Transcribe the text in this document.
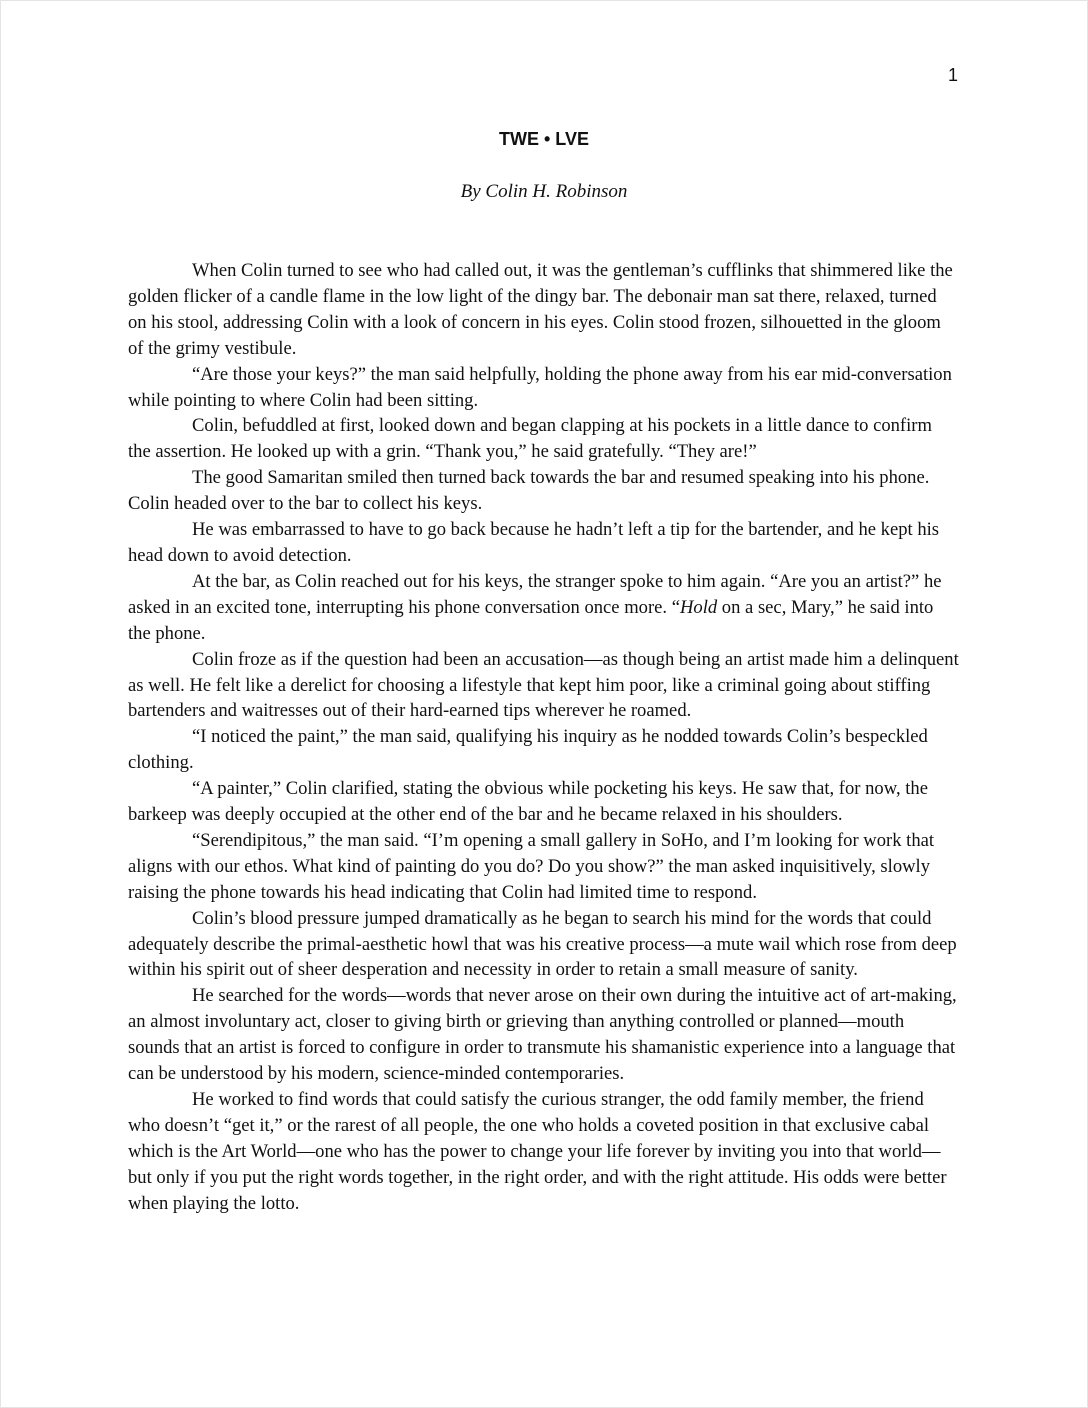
1
TWE • LVE
By Colin H. Robinson

When Colin turned to see who had called out, it was the gentleman’s cufflinks that shimmered like the golden flicker of a candle flame in the low light of the dingy bar. The debonair man sat there, relaxed, turned on his stool, addressing Colin with a look of concern in his eyes. Colin stood frozen, silhouetted in the gloom of the grimy vestibule.

“Are those your keys?” the man said helpfully, holding the phone away from his ear mid-conversation while pointing to where Colin had been sitting.

Colin, befuddled at first, looked down and began clapping at his pockets in a little dance to confirm the assertion. He looked up with a grin. “Thank you,” he said gratefully. “They are!”

The good Samaritan smiled then turned back towards the bar and resumed speaking into his phone. Colin headed over to the bar to collect his keys.

He was embarrassed to have to go back because he hadn’t left a tip for the bartender, and he kept his head down to avoid detection.

At the bar, as Colin reached out for his keys, the stranger spoke to him again. “Are you an artist?” he asked in an excited tone, interrupting his phone conversation once more. “Hold on a sec, Mary,” he said into the phone.

Colin froze as if the question had been an accusation—as though being an artist made him a delinquent as well. He felt like a derelict for choosing a lifestyle that kept him poor, like a criminal going about stiffing bartenders and waitresses out of their hard-earned tips wherever he roamed.

“I noticed the paint,” the man said, qualifying his inquiry as he nodded towards Colin’s bespeckled clothing.

“A painter,” Colin clarified, stating the obvious while pocketing his keys. He saw that, for now, the barkeep was deeply occupied at the other end of the bar and he became relaxed in his shoulders.

“Serendipitous,” the man said. “I’m opening a small gallery in SoHo, and I’m looking for work that aligns with our ethos. What kind of painting do you do? Do you show?” the man asked inquisitively, slowly raising the phone towards his head indicating that Colin had limited time to respond.

Colin’s blood pressure jumped dramatically as he began to search his mind for the words that could adequately describe the primal-aesthetic howl that was his creative process—a mute wail which rose from deep within his spirit out of sheer desperation and necessity in order to retain a small measure of sanity.

He searched for the words—words that never arose on their own during the intuitive act of art-making, an almost involuntary act, closer to giving birth or grieving than anything controlled or planned—mouth sounds that an artist is forced to configure in order to transmute his shamanistic experience into a language that can be understood by his modern, science-minded contemporaries.

He worked to find words that could satisfy the curious stranger, the odd family member, the friend who doesn’t “get it,” or the rarest of all people, the one who holds a coveted position in that exclusive cabal which is the Art World—one who has the power to change your life forever by inviting you into that world—but only if you put the right words together, in the right order, and with the right attitude. His odds were better when playing the lotto.
